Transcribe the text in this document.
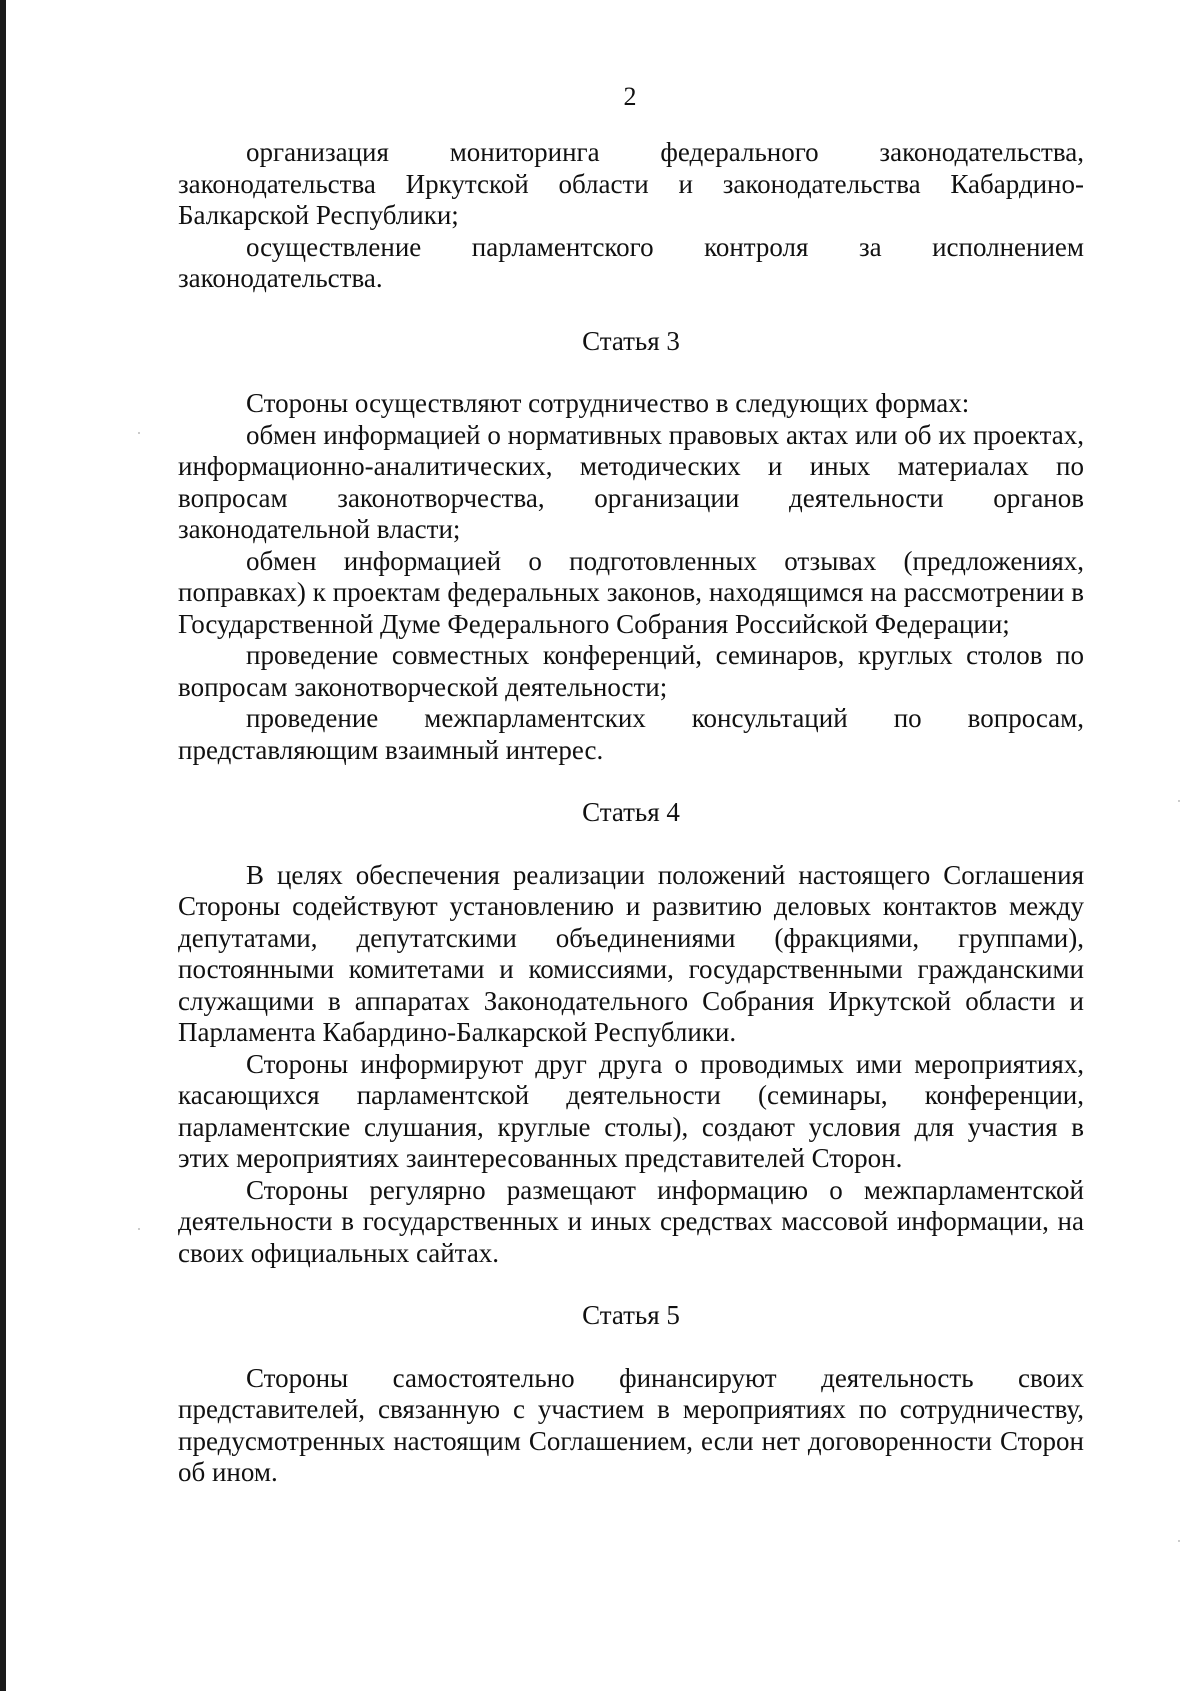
2

организация мониторинга федерального законодательства, законодательства Иркутской области и законодательства Кабардино-Балкарской Республики;

осуществление парламентского контроля за исполнением законодательства.

Статья 3

Стороны осуществляют сотрудничество в следующих формах:

обмен информацией о нормативных правовых актах или об их проектах, информационно-аналитических, методических и иных материалах по вопросам законотворчества, организации деятельности органов законодательной власти;

обмен информацией о подготовленных отзывах (предложениях, поправках) к проектам федеральных законов, находящимся на рассмотрении в Государственной Думе Федерального Собрания Российской Федерации;

проведение совместных конференций, семинаров, круглых столов по вопросам законотворческой деятельности;

проведение межпарламентских консультаций по вопросам, представляющим взаимный интерес.

Статья 4

В целях обеспечения реализации положений настоящего Соглашения Стороны содействуют установлению и развитию деловых контактов между депутатами, депутатскими объединениями (фракциями, группами), постоянными комитетами и комиссиями, государственными гражданскими служащими в аппаратах Законодательного Собрания Иркутской области и Парламента Кабардино-Балкарской Республики.

Стороны информируют друг друга о проводимых ими мероприятиях, касающихся парламентской деятельности (семинары, конференции, парламентские слушания, круглые столы), создают условия для участия в этих мероприятиях заинтересованных представителей Сторон.

Стороны регулярно размещают информацию о межпарламентской деятельности в государственных и иных средствах массовой информации, на своих официальных сайтах.

Статья 5

Стороны самостоятельно финансируют деятельность своих представителей, связанную с участием в мероприятиях по сотрудничеству, предусмотренных настоящим Соглашением, если нет договоренности Сторон об ином.
